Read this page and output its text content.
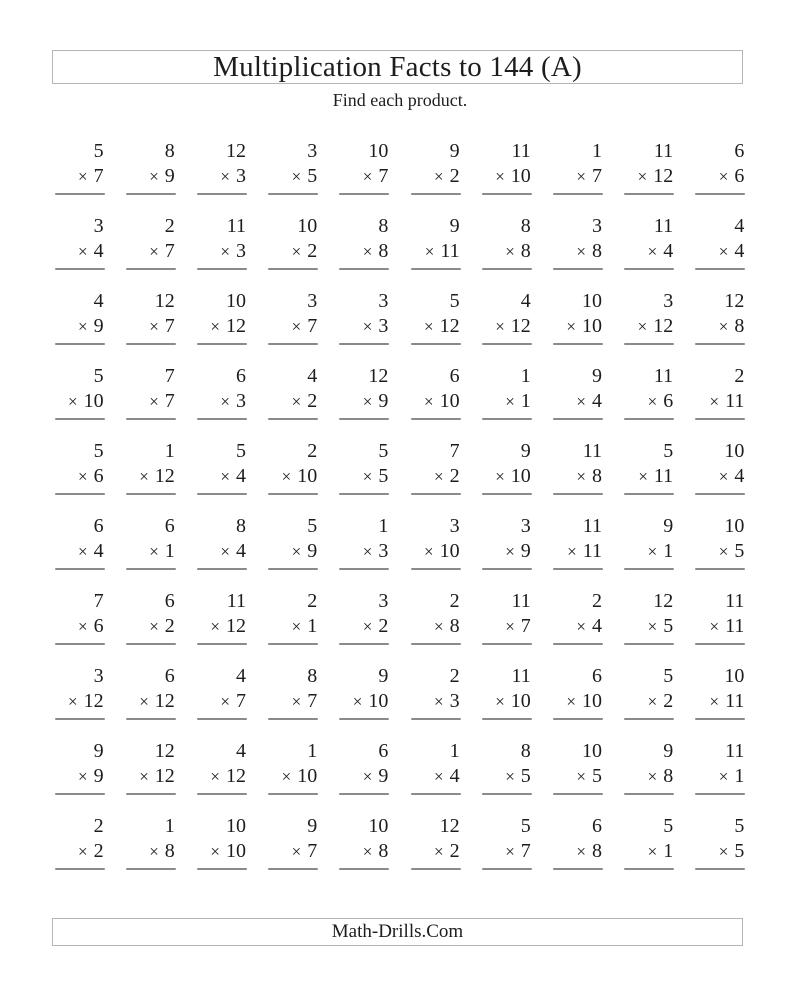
Multiplication Facts to 144 (A)
Find each product.
5
× 7
8
× 9
12
× 3
3
× 5
10
× 7
9
× 2
11
× 10
1
× 7
11
× 12
6
× 6
3
× 4
2
× 7
11
× 3
10
× 2
8
× 8
9
× 11
8
× 8
3
× 8
11
× 4
4
× 4
4
× 9
12
× 7
10
× 12
3
× 7
3
× 3
5
× 12
4
× 12
10
× 10
3
× 12
12
× 8
5
× 10
7
× 7
6
× 3
4
× 2
12
× 9
6
× 10
1
× 1
9
× 4
11
× 6
2
× 11
5
× 6
1
× 12
5
× 4
2
× 10
5
× 5
7
× 2
9
× 10
11
× 8
5
× 11
10
× 4
6
× 4
6
× 1
8
× 4
5
× 9
1
× 3
3
× 10
3
× 9
11
× 11
9
× 1
10
× 5
7
× 6
6
× 2
11
× 12
2
× 1
3
× 2
2
× 8
11
× 7
2
× 4
12
× 5
11
× 11
3
× 12
6
× 12
4
× 7
8
× 7
9
× 10
2
× 3
11
× 10
6
× 10
5
× 2
10
× 11
9
× 9
12
× 12
4
× 12
1
× 10
6
× 9
1
× 4
8
× 5
10
× 5
9
× 8
11
× 1
2
× 2
1
× 8
10
× 10
9
× 7
10
× 8
12
× 2
5
× 7
6
× 8
5
× 1
5
× 5
Math-Drills.Com
